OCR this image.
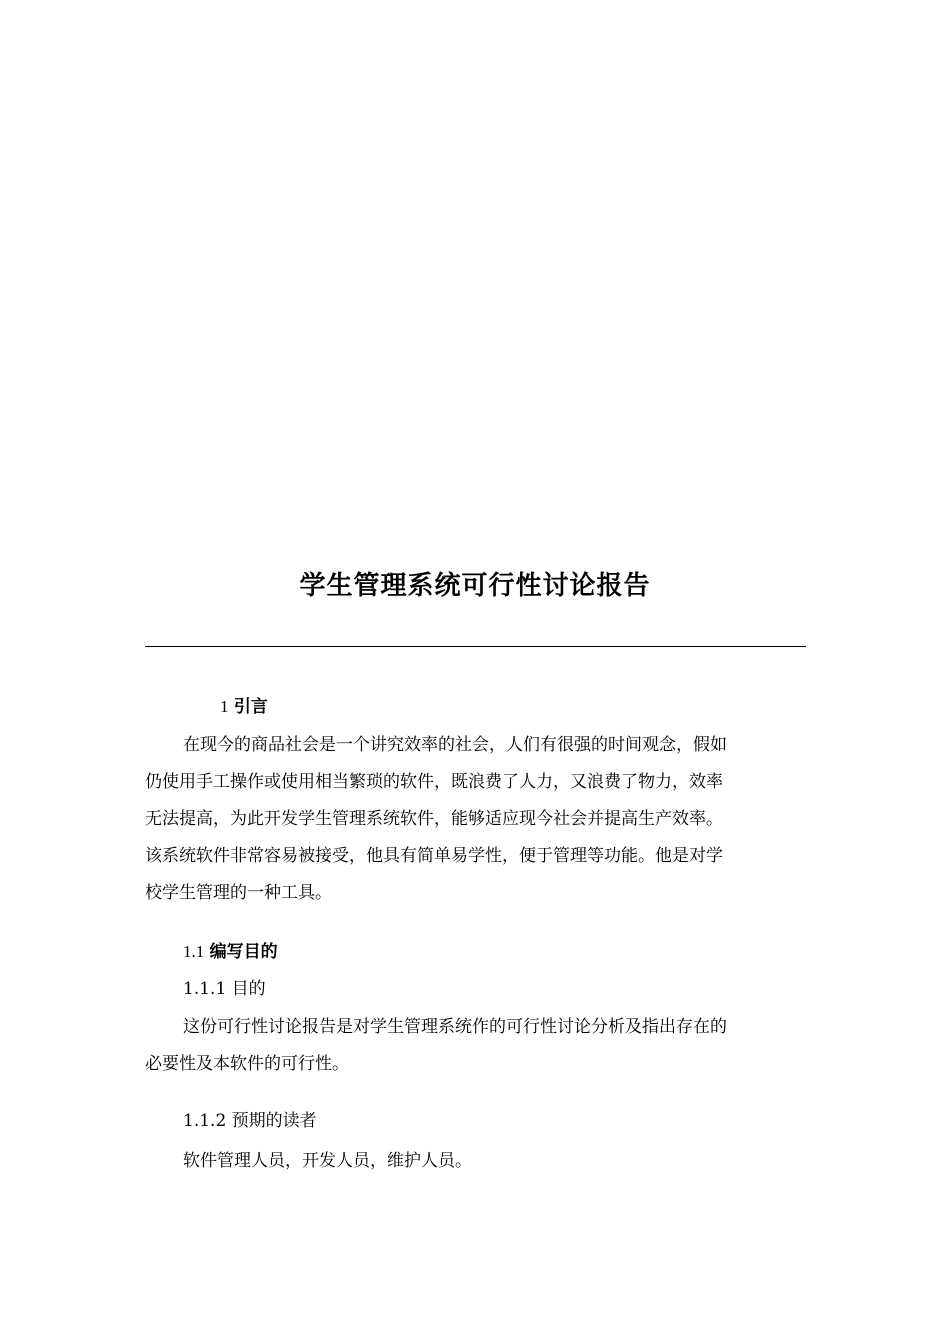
学生管理系统可行性讨论报告
1 引言
在现今的商品社会是一个讲究效率的社会，人们有很强的时间观念，假如
仍使用手工操作或使用相当繁琐的软件，既浪费了人力，又浪费了物力，效率
无法提高，为此开发学生管理系统软件，能够适应现今社会并提高生产效率。
该系统软件非常容易被接受，他具有简单易学性，便于管理等功能。他是对学
校学生管理的一种工具。
1.1 编写目的
1.1.1 目的
这份可行性讨论报告是对学生管理系统作的可行性讨论分析及指出存在的
必要性及本软件的可行性。
1.1.2 预期的读者
软件管理人员，开发人员，维护人员。
